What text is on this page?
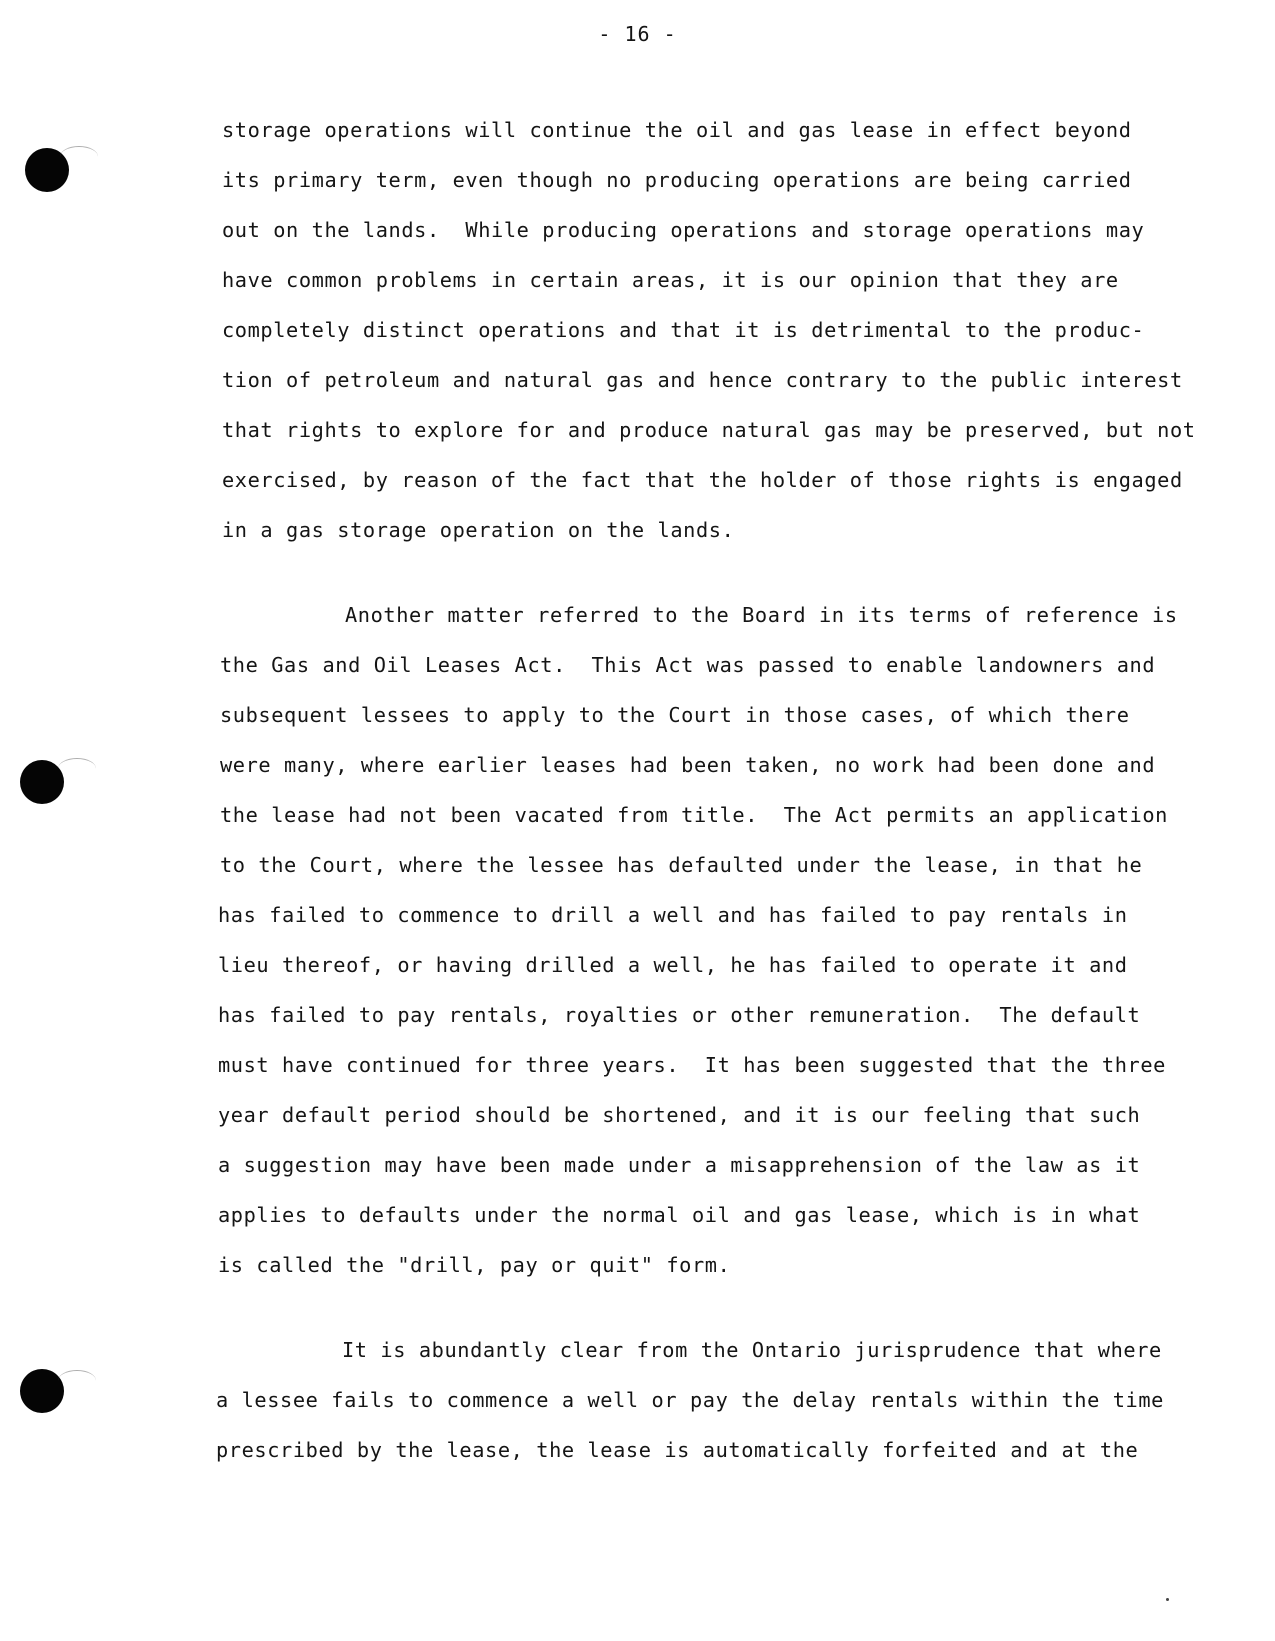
- 16 -
storage operations will continue the oil and gas lease in effect beyond
its primary term, even though no producing operations are being carried
out on the lands.  While producing operations and storage operations may
have common problems in certain areas, it is our opinion that they are
completely distinct operations and that it is detrimental to the produc-
tion of petroleum and natural gas and hence contrary to the public interest
that rights to explore for and produce natural gas may be preserved, but not
exercised, by reason of the fact that the holder of those rights is engaged
in a gas storage operation on the lands.
Another matter referred to the Board in its terms of reference is
the Gas and Oil Leases Act.  This Act was passed to enable landowners and
subsequent lessees to apply to the Court in those cases, of which there
were many, where earlier leases had been taken, no work had been done and
the lease had not been vacated from title.  The Act permits an application
to the Court, where the lessee has defaulted under the lease, in that he
has failed to commence to drill a well and has failed to pay rentals in
lieu thereof, or having drilled a well, he has failed to operate it and
has failed to pay rentals, royalties or other remuneration.  The default
must have continued for three years.  It has been suggested that the three
year default period should be shortened, and it is our feeling that such
a suggestion may have been made under a misapprehension of the law as it
applies to defaults under the normal oil and gas lease, which is in what
is called the "drill, pay or quit" form.
It is abundantly clear from the Ontario jurisprudence that where
a lessee fails to commence a well or pay the delay rentals within the time
prescribed by the lease, the lease is automatically forfeited and at the
